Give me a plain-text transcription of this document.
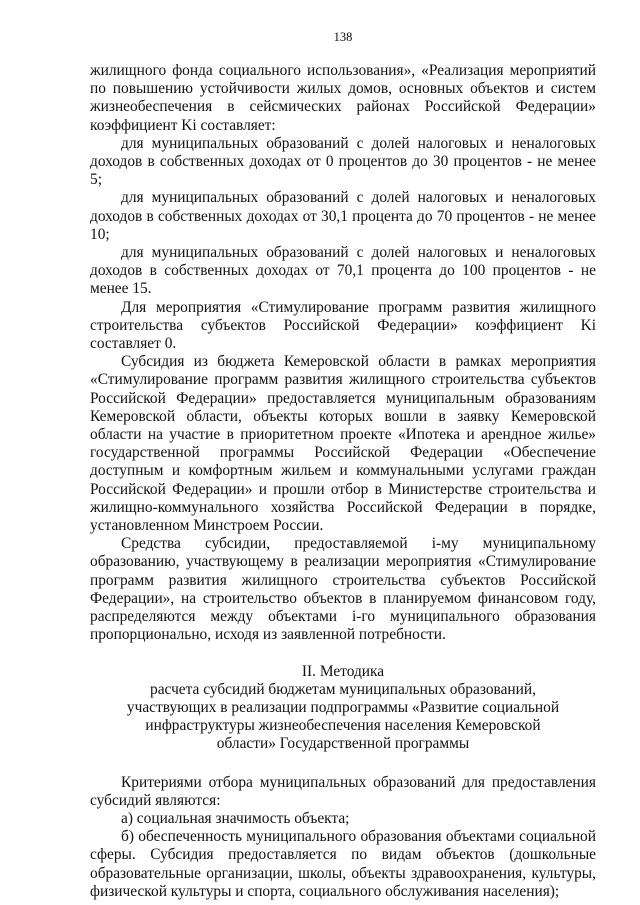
138

жилищного фонда социального использования», «Реализация мероприятий по повышению устойчивости жилых домов, основных объектов и систем жизнеобеспечения в сейсмических районах Российской Федерации» коэффициент Ki составляет:

для муниципальных образований с долей налоговых и неналоговых доходов в собственных доходах от 0 процентов до 30 процентов - не менее 5;

для муниципальных образований с долей налоговых и неналоговых доходов в собственных доходах от 30,1 процента до 70 процентов - не менее 10;

для муниципальных образований с долей налоговых и неналоговых доходов в собственных доходах от 70,1 процента до 100 процентов - не менее 15.

Для мероприятия «Стимулирование программ развития жилищного строительства субъектов Российской Федерации» коэффициент Ki составляет 0.

Субсидия из бюджета Кемеровской области в рамках мероприятия «Стимулирование программ развития жилищного строительства субъектов Российской Федерации» предоставляется муниципальным образованиям Кемеровской области, объекты которых вошли в заявку Кемеровской области на участие в приоритетном проекте «Ипотека и арендное жилье» государственной программы Российской Федерации «Обеспечение доступным и комфортным жильем и коммунальными услугами граждан Российской Федерации» и прошли отбор в Министерстве строительства и жилищно-коммунального хозяйства Российской Федерации в порядке, установленном Минстроем России.

Средства субсидии, предоставляемой i-му муниципальному образованию, участвующему в реализации мероприятия «Стимулирование программ развития жилищного строительства субъектов Российской Федерации», на строительство объектов в планируемом финансовом году, распределяются между объектами i-го муниципального образования пропорционально, исходя из заявленной потребности.

II. Методика
расчета субсидий бюджетам муниципальных образований,
участвующих в реализации подпрограммы «Развитие социальной
инфраструктуры жизнеобеспечения населения Кемеровской
области» Государственной программы

Критериями отбора муниципальных образований для предоставления субсидий являются:

а) социальная значимость объекта;

б) обеспеченность муниципального образования объектами социальной сферы. Субсидия предоставляется по видам объектов (дошкольные образовательные организации, школы, объекты здравоохранения, культуры, физической культуры и спорта, социального обслуживания населения);
